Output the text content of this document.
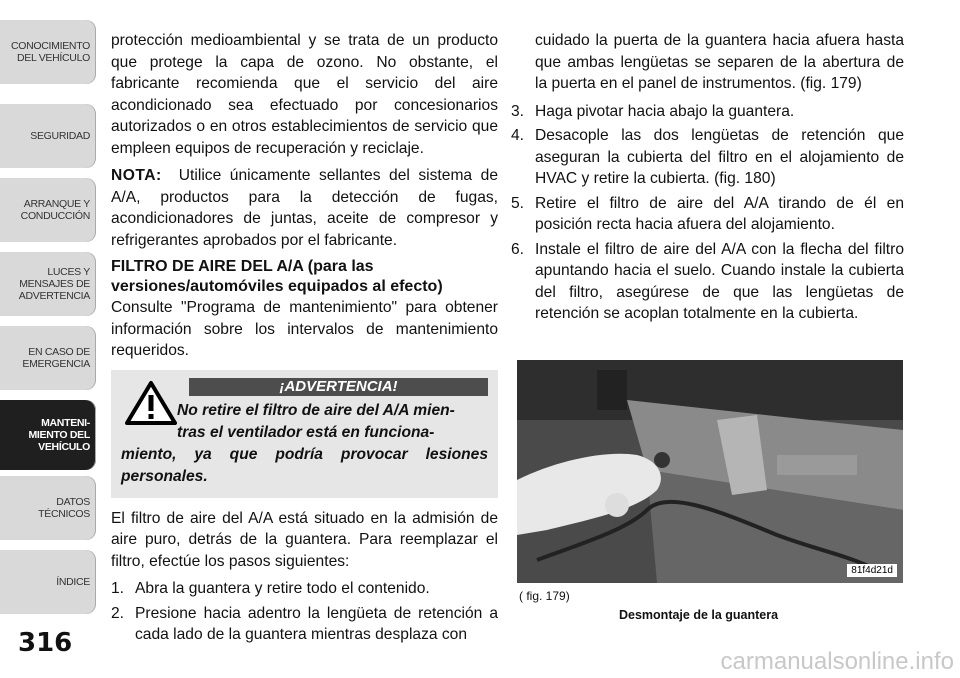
CONOCIMIENTO
DEL VEHÍCULO
SEGURIDAD
ARRANQUE Y
CONDUCCIÓN
LUCES Y
MENSAJES DE
ADVERTENCIA
EN CASO DE
EMERGENCIA
MANTENI-
MIENTO DEL
VEHÍCULO
DATOS
TÉCNICOS
ÍNDICE
316

protección medioambiental y se trata de un producto que protege la capa de ozono. No obstante, el fabricante recomienda que el servicio del aire acondicionado sea efectuado por concesionarios autorizados o en otros establecimientos de servicio que empleen equipos de recuperación y reciclaje.

NOTA: Utilice únicamente sellantes del sistema de A/A, productos para la detección de fugas, acondicionadores de juntas, aceite de compresor y refrigerantes aprobados por el fabricante.

FILTRO DE AIRE DEL A/A (para las versiones/automóviles equipados al efecto)

Consulte "Programa de mantenimiento" para obtener información sobre los intervalos de mantenimiento requeridos.

¡ADVERTENCIA!
No retire el filtro de aire del A/A mien-
tras el ventilador está en funciona-
miento, ya que podría provocar lesiones personales.

El filtro de aire del A/A está situado en la admisión de aire puro, detrás de la guantera. Para reemplazar el filtro, efectúe los pasos siguientes:

1. Abra la guantera y retire todo el contenido.
2. Presione hacia adentro la lengüeta de retención a cada lado de la guantera mientras desplaza con

cuidado la puerta de la guantera hacia afuera hasta que ambas lengüetas se separen de la abertura de la puerta en el panel de instrumentos. (fig. 179)

3. Haga pivotar hacia abajo la guantera.
4. Desacople las dos lengüetas de retención que aseguran la cubierta del filtro en el alojamiento de HVAC y retire la cubierta. (fig. 180)
5. Retire el filtro de aire del A/A tirando de él en posición recta hacia afuera del alojamiento.
6. Instale el filtro de aire del A/A con la flecha del filtro apuntando hacia el suelo. Cuando instale la cubierta del filtro, asegúrese de que las lengüetas de retención se acoplan totalmente en la cubierta.
81f4d21d
( fig. 179)
Desmontaje de la guantera
carmanualsonline.info
